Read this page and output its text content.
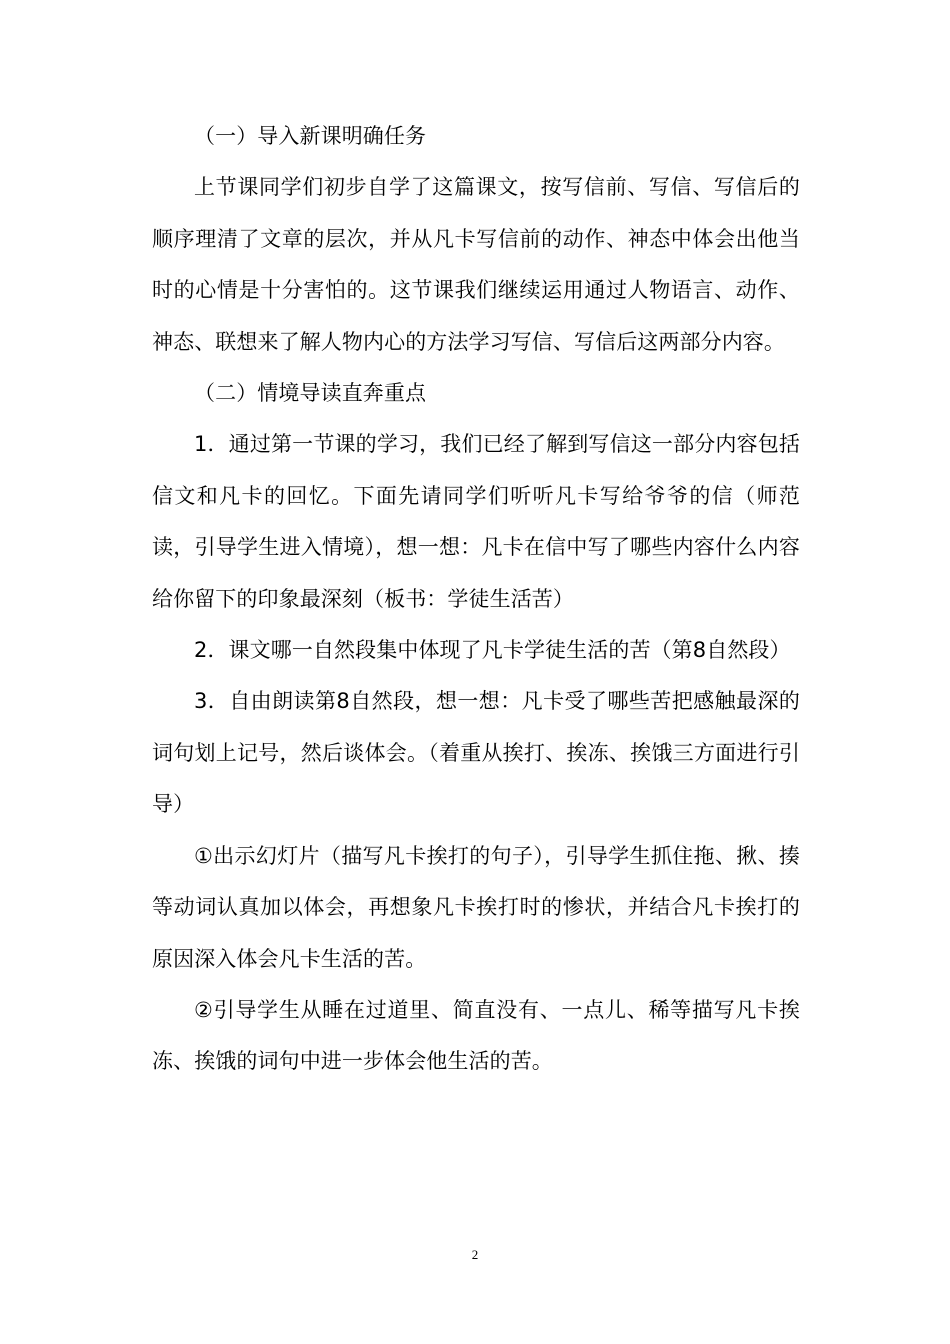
（一）导入新课明确任务

上节课同学们初步自学了这篇课文，按写信前、写信、写信后的顺序理清了文章的层次，并从凡卡写信前的动作、神态中体会出他当时的心情是十分害怕的。这节课我们继续运用通过人物语言、动作、神态、联想来了解人物内心的方法学习写信、写信后这两部分内容。

（二）情境导读直奔重点

1．通过第一节课的学习，我们已经了解到写信这一部分内容包括信文和凡卡的回忆。下面先请同学们听听凡卡写给爷爷的信（师范读，引导学生进入情境），想一想：凡卡在信中写了哪些内容什么内容给你留下的印象最深刻（板书：学徒生活苦）

2．课文哪一自然段集中体现了凡卡学徒生活的苦（第8自然段）

3．自由朗读第8自然段，想一想：凡卡受了哪些苦把感触最深的词句划上记号，然后谈体会。（着重从挨打、挨冻、挨饿三方面进行引导）

①出示幻灯片（描写凡卡挨打的句子），引导学生抓住拖、揪、揍等动词认真加以体会，再想象凡卡挨打时的惨状，并结合凡卡挨打的原因深入体会凡卡生活的苦。

②引导学生从睡在过道里、简直没有、一点儿、稀等描写凡卡挨冻、挨饿的词句中进一步体会他生活的苦。

2
